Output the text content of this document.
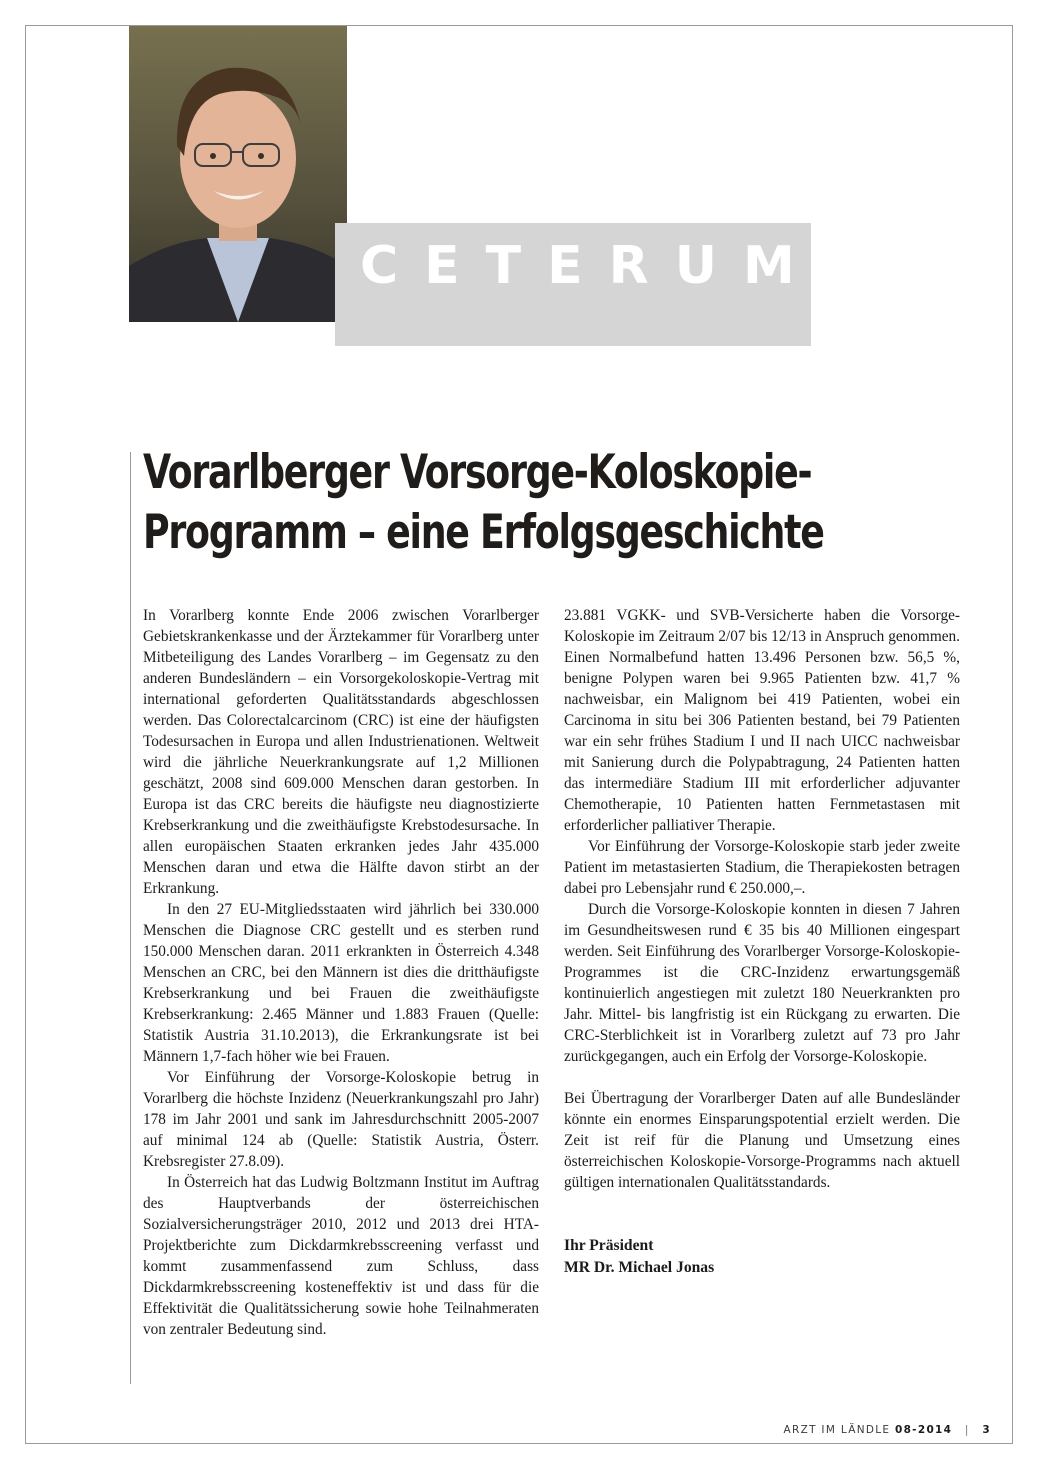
CETERUM
Vorarlberger Vorsorge-Koloskopie-
Programm – eine Erfolgsgeschichte

In Vorarlberg konnte Ende 2006 zwischen Vorarlberger Gebietskrankenkasse und der Ärztekammer für Vorarlberg unter Mitbeteiligung des Landes Vorarlberg – im Gegensatz zu den anderen Bundesländern – ein Vorsorgekoloskopie-Vertrag mit international geforderten Qualitätsstandards abgeschlossen werden. Das Colorectalcarcinom (CRC) ist eine der häufigsten Todesursachen in Europa und allen Industrienationen. Weltweit wird die jährliche Neuerkrankungsrate auf 1,2 Millionen geschätzt, 2008 sind 609.000 Menschen daran gestorben. In Europa ist das CRC bereits die häufigste neu diagnostizierte Krebserkrankung und die zweithäufigste Krebstodesursache. In allen europäischen Staaten erkranken jedes Jahr 435.000 Menschen daran und etwa die Hälfte davon stirbt an der Erkrankung.

In den 27 EU-Mitgliedsstaaten wird jährlich bei 330.000 Menschen die Diagnose CRC gestellt und es sterben rund 150.000 Menschen daran. 2011 erkrankten in Österreich 4.348 Menschen an CRC, bei den Männern ist dies die dritthäufigste Krebserkrankung und bei Frauen die zweithäufigste Krebserkrankung: 2.465 Männer und 1.883 Frauen (Quelle: Statistik Austria 31.10.2013), die Erkrankungsrate ist bei Männern 1,7-fach höher wie bei Frauen.

Vor Einführung der Vorsorge-Koloskopie betrug in Vorarlberg die höchste Inzidenz (Neuerkrankungszahl pro Jahr) 178 im Jahr 2001 und sank im Jahresdurchschnitt 2005-2007 auf minimal 124 ab (Quelle: Statistik Austria, Österr. Krebsregister 27.8.09).

In Österreich hat das Ludwig Boltzmann Institut im Auftrag des Hauptverbands der österreichischen Sozialversicherungsträger 2010, 2012 und 2013 drei HTA-Projektberichte zum Dickdarmkrebsscreening verfasst und kommt zusammenfassend zum Schluss, dass Dickdarmkrebsscreening kosteneffektiv ist und dass für die Effektivität die Qualitätssicherung sowie hohe Teilnahmeraten von zentraler Bedeutung sind.

23.881 VGKK- und SVB-Versicherte haben die Vorsorge-Koloskopie im Zeitraum 2/07 bis 12/13 in Anspruch genommen. Einen Normalbefund hatten 13.496 Personen bzw. 56,5 %, benigne Polypen waren bei 9.965 Patienten bzw. 41,7 % nachweisbar, ein Malignom bei 419 Patienten, wobei ein Carcinoma in situ bei 306 Patienten bestand, bei 79 Patienten war ein sehr frühes Stadium I und II nach UICC nachweisbar mit Sanierung durch die Polypabtragung, 24 Patienten hatten das intermediäre Stadium III mit erforderlicher adjuvanter Chemotherapie, 10 Patienten hatten Fernmetastasen mit erforderlicher palliativer Therapie.

Vor Einführung der Vorsorge-Koloskopie starb jeder zweite Patient im metastasierten Stadium, die Therapiekosten betragen dabei pro Lebensjahr rund € 250.000,–.

Durch die Vorsorge-Koloskopie konnten in diesen 7 Jahren im Gesundheitswesen rund € 35 bis 40 Millionen eingespart werden. Seit Einführung des Vorarlberger Vorsorge-Koloskopie-Programmes ist die CRC-Inzidenz erwartungsgemäß kontinuierlich angestiegen mit zuletzt 180 Neuerkrankten pro Jahr. Mittel- bis langfristig ist ein Rückgang zu erwarten. Die CRC-Sterblichkeit ist in Vorarlberg zuletzt auf 73 pro Jahr zurückgegangen, auch ein Erfolg der Vorsorge-Koloskopie.

Bei Übertragung der Vorarlberger Daten auf alle Bundesländer könnte ein enormes Einsparungspotential erzielt werden. Die Zeit ist reif für die Planung und Umsetzung eines österreichischen Koloskopie-Vorsorge-Programms nach aktuell gültigen internationalen Qualitätsstandards.

Ihr Präsident
MR Dr. Michael Jonas
ARZT IM LÄNDLE 08-2014 | 3
